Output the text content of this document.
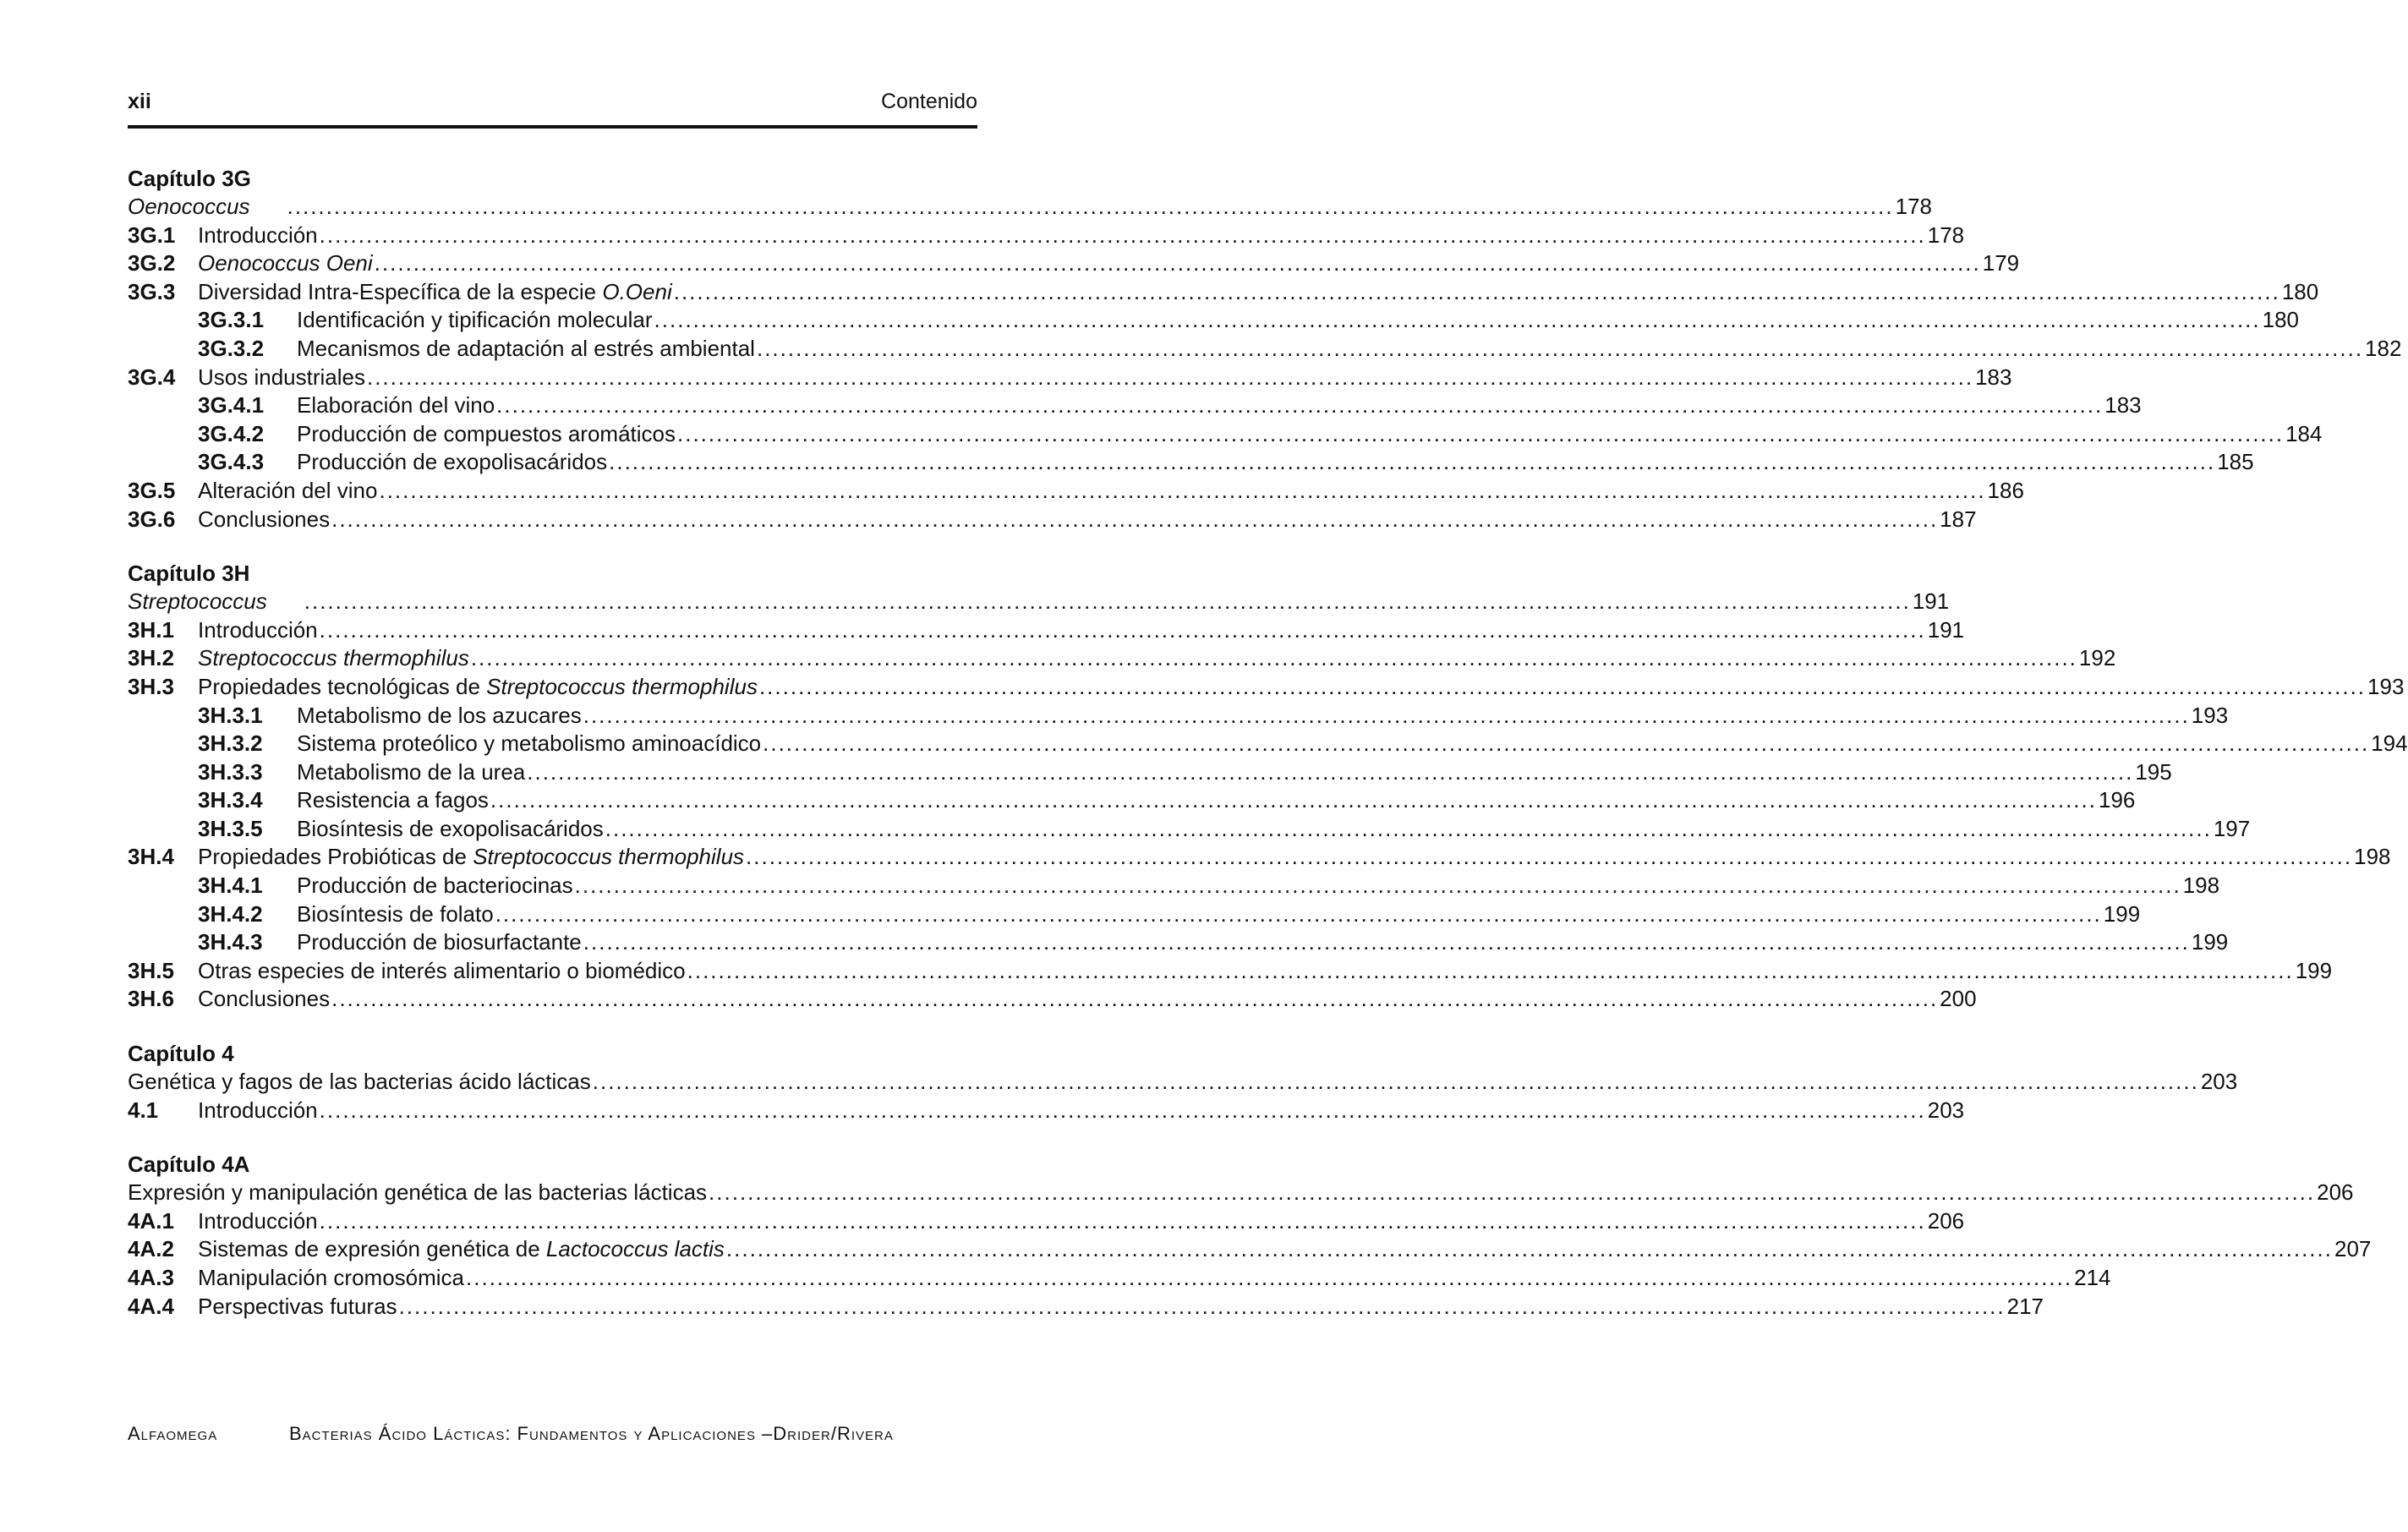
xii	Contenido
Capítulo 3G
Oenococcus .....	178
3G.1	Introducción .....	178
3G.2	Oenococcus Oeni .....	179
3G.3	Diversidad Intra-Específica de la especie O.Oeni .....	180
3G.3.1	Identificación y tipificación molecular .....	180
3G.3.2	Mecanismos de adaptación al estrés ambiental .....	182
3G.4	Usos industriales .....	183
3G.4.1	Elaboración del vino .....	183
3G.4.2	Producción de compuestos aromáticos .....	184
3G.4.3	Producción de exopolisacáridos .....	185
3G.5	Alteración del vino .....	186
3G.6	Conclusiones .....	187
Capítulo 3H
Streptococcus .....	191
3H.1	Introducción .....	191
3H.2	Streptococcus thermophilus .....	192
3H.3	Propiedades tecnológicas de Streptococcus thermophilus .....	193
3H.3.1	Metabolismo de los azucares .....	193
3H.3.2	Sistema proteólico y metabolismo aminoacídico .....	194
3H.3.3	Metabolismo de la urea .....	195
3H.3.4	Resistencia a fagos .....	196
3H.3.5	Biosíntesis de exopolisacáridos .....	197
3H.4	Propiedades Probióticas de Streptococcus thermophilus .....	198
3H.4.1	Producción de bacteriocinas .....	198
3H.4.2	Biosíntesis de folato .....	199
3H.4.3	Producción de biosurfactante .....	199
3H.5	Otras especies de interés alimentario o biomédico .....	199
3H.6	Conclusiones .....	200
Capítulo 4
Genética y fagos de las bacterias ácido lácticas .....	203
4.1	Introducción .....	203
Capítulo 4A
Expresión y manipulación genética de las bacterias lácticas .....	206
4A.1	Introducción .....	206
4A.2	Sistemas de expresión genética de Lactococcus lactis .....	207
4A.3	Manipulación cromosómica .....	214
4A.4	Perspectivas futuras .....	217
Alfaomega	Bacterias Ácido Lácticas: Fundamentos y Aplicaciones –Drider/Rivera
